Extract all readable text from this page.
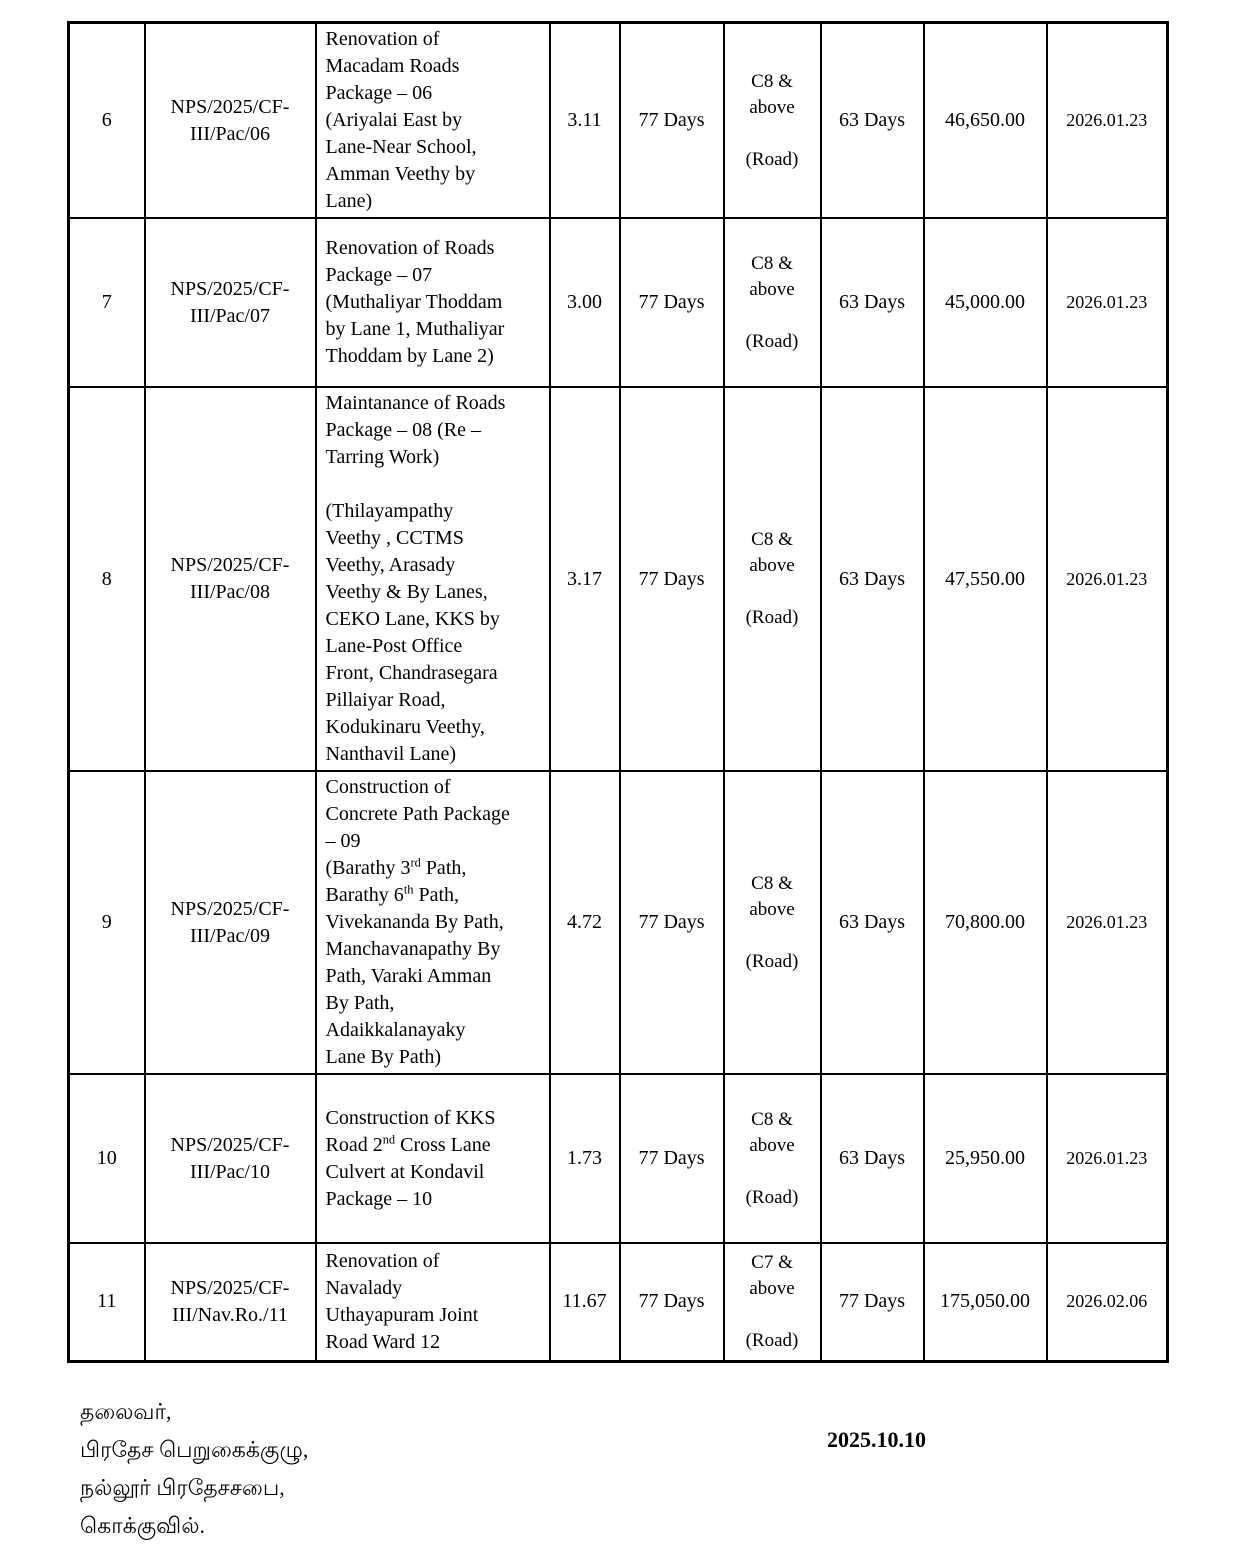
6	NPS/2025/CF-
III/Pac/06	Renovation of
Macadam Roads
Package – 06
(Ariyalai East by
Lane-Near School,
Amman Veethy by
Lane)	3.11	77 Days	C8 &
above

(Road)	63 Days	46,650.00	2026.01.23
7	NPS/2025/CF-
III/Pac/07	Renovation of Roads
Package – 07
(Muthaliyar Thoddam
by Lane 1, Muthaliyar
Thoddam by Lane 2)	3.00	77 Days	C8 &
above

(Road)	63 Days	45,000.00	2026.01.23
8	NPS/2025/CF-
III/Pac/08	Maintanance of Roads
Package – 08 (Re –
Tarring Work)

(Thilayampathy
Veethy , CCTMS
Veethy, Arasady
Veethy & By Lanes,
CEKO Lane, KKS by
Lane-Post Office
Front, Chandrasegara
Pillaiyar Road,
Kodukinaru Veethy,
Nanthavil Lane)	3.17	77 Days	C8 &
above

(Road)	63 Days	47,550.00	2026.01.23
9	NPS/2025/CF-
III/Pac/09	Construction of
Concrete Path Package
– 09
(Barathy 3rd Path,
Barathy 6th Path,
Vivekananda By Path,
Manchavanapathy By
Path, Varaki Amman
By Path,
Adaikkalanayaky
Lane By Path)	4.72	77 Days	C8 &
above

(Road)	63 Days	70,800.00	2026.01.23
10	NPS/2025/CF-
III/Pac/10	Construction of KKS
Road 2nd Cross Lane
Culvert at Kondavil
Package – 10	1.73	77 Days	C8 &
above

(Road)	63 Days	25,950.00	2026.01.23
11	NPS/2025/CF-
III/Nav.Ro./11	Renovation of
Navalady
Uthayapuram Joint
Road Ward 12	11.67	77 Days	C7 &
above

(Road)	77 Days	175,050.00	2026.02.06
தலைவர்,
பிரதேச பெறுகைக்குழு,
நல்லூர் பிரதேசசபை,
கொக்குவில்.
2025.10.10
